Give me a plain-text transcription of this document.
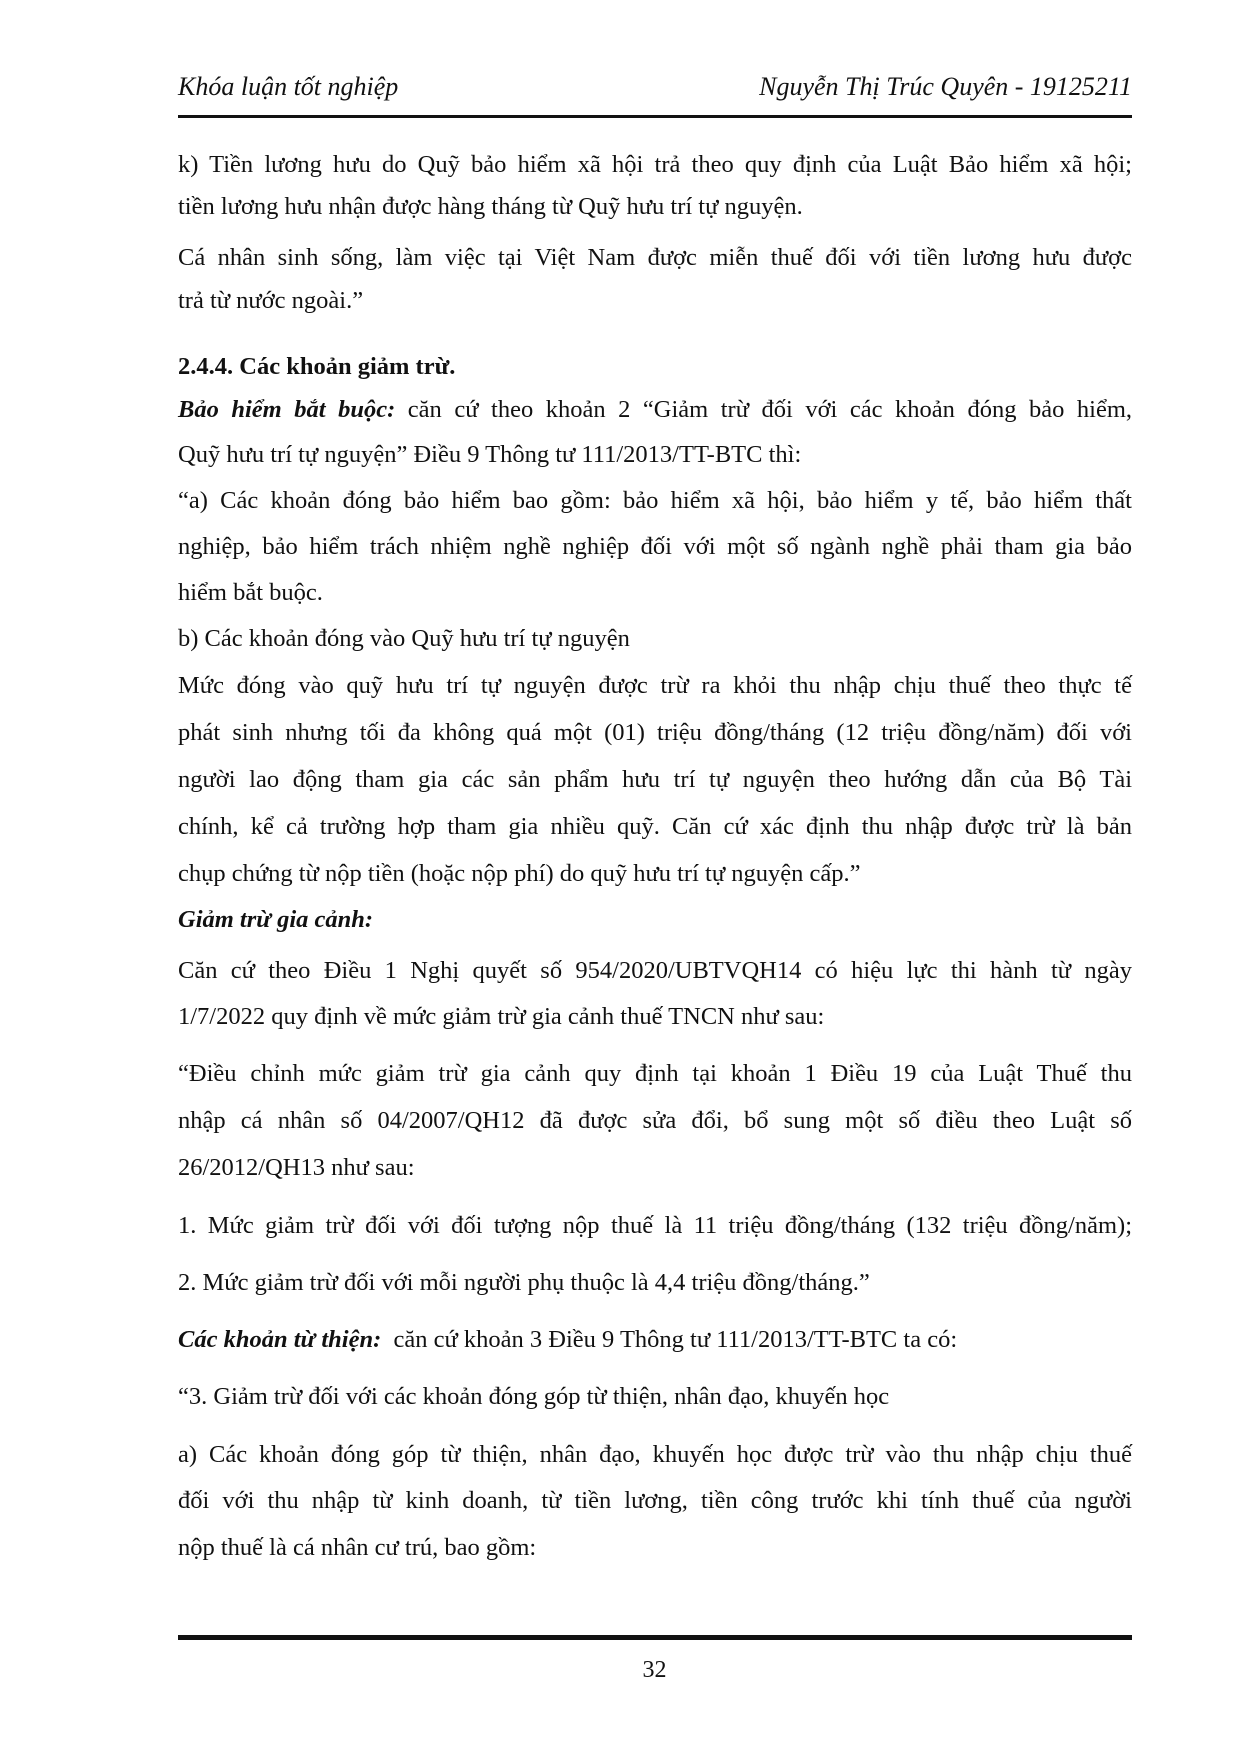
Khóa luận tốt nghiệp	Nguyễn Thị Trúc Quyên - 19125211
k) Tiền lương hưu do Quỹ bảo hiểm xã hội trả theo quy định của Luật Bảo hiểm xã hội;
tiền lương hưu nhận được hàng tháng từ Quỹ hưu trí tự nguyện.
Cá nhân sinh sống, làm việc tại Việt Nam được miễn thuế đối với tiền lương hưu được
trả từ nước ngoài.”
2.4.4. Các khoản giảm trừ.
Bảo hiểm bắt buộc: căn cứ theo khoản 2 “Giảm trừ đối với các khoản đóng bảo hiểm,
Quỹ hưu trí tự nguyện” Điều 9 Thông tư 111/2013/TT-BTC thì:
“a) Các khoản đóng bảo hiểm bao gồm: bảo hiểm xã hội, bảo hiểm y tế, bảo hiểm thất
nghiệp, bảo hiểm trách nhiệm nghề nghiệp đối với một số ngành nghề phải tham gia bảo
hiểm bắt buộc.
b) Các khoản đóng vào Quỹ hưu trí tự nguyện
Mức đóng vào quỹ hưu trí tự nguyện được trừ ra khỏi thu nhập chịu thuế theo thực tế
phát sinh nhưng tối đa không quá một (01) triệu đồng/tháng (12 triệu đồng/năm) đối với
người lao động tham gia các sản phẩm hưu trí tự nguyện theo hướng dẫn của Bộ Tài
chính, kể cả trường hợp tham gia nhiều quỹ. Căn cứ xác định thu nhập được trừ là bản
chụp chứng từ nộp tiền (hoặc nộp phí) do quỹ hưu trí tự nguyện cấp.”
Giảm trừ gia cảnh:
Căn cứ theo Điều 1 Nghị quyết số 954/2020/UBTVQH14 có hiệu lực thi hành từ ngày
1/7/2022 quy định về mức giảm trừ gia cảnh thuế TNCN như sau:
“Điều chỉnh mức giảm trừ gia cảnh quy định tại khoản 1 Điều 19 của Luật Thuế thu
nhập cá nhân số 04/2007/QH12 đã được sửa đổi, bổ sung một số điều theo Luật số
26/2012/QH13 như sau:
1. Mức giảm trừ đối với đối tượng nộp thuế là 11 triệu đồng/tháng (132 triệu đồng/năm);
2. Mức giảm trừ đối với mỗi người phụ thuộc là 4,4 triệu đồng/tháng.”
Các khoản từ thiện:  căn cứ khoản 3 Điều 9 Thông tư 111/2013/TT-BTC ta có:
“3. Giảm trừ đối với các khoản đóng góp từ thiện, nhân đạo, khuyến học
a) Các khoản đóng góp từ thiện, nhân đạo, khuyến học được trừ vào thu nhập chịu thuế
đối với thu nhập từ kinh doanh, từ tiền lương, tiền công trước khi tính thuế của người
nộp thuế là cá nhân cư trú, bao gồm:
32
